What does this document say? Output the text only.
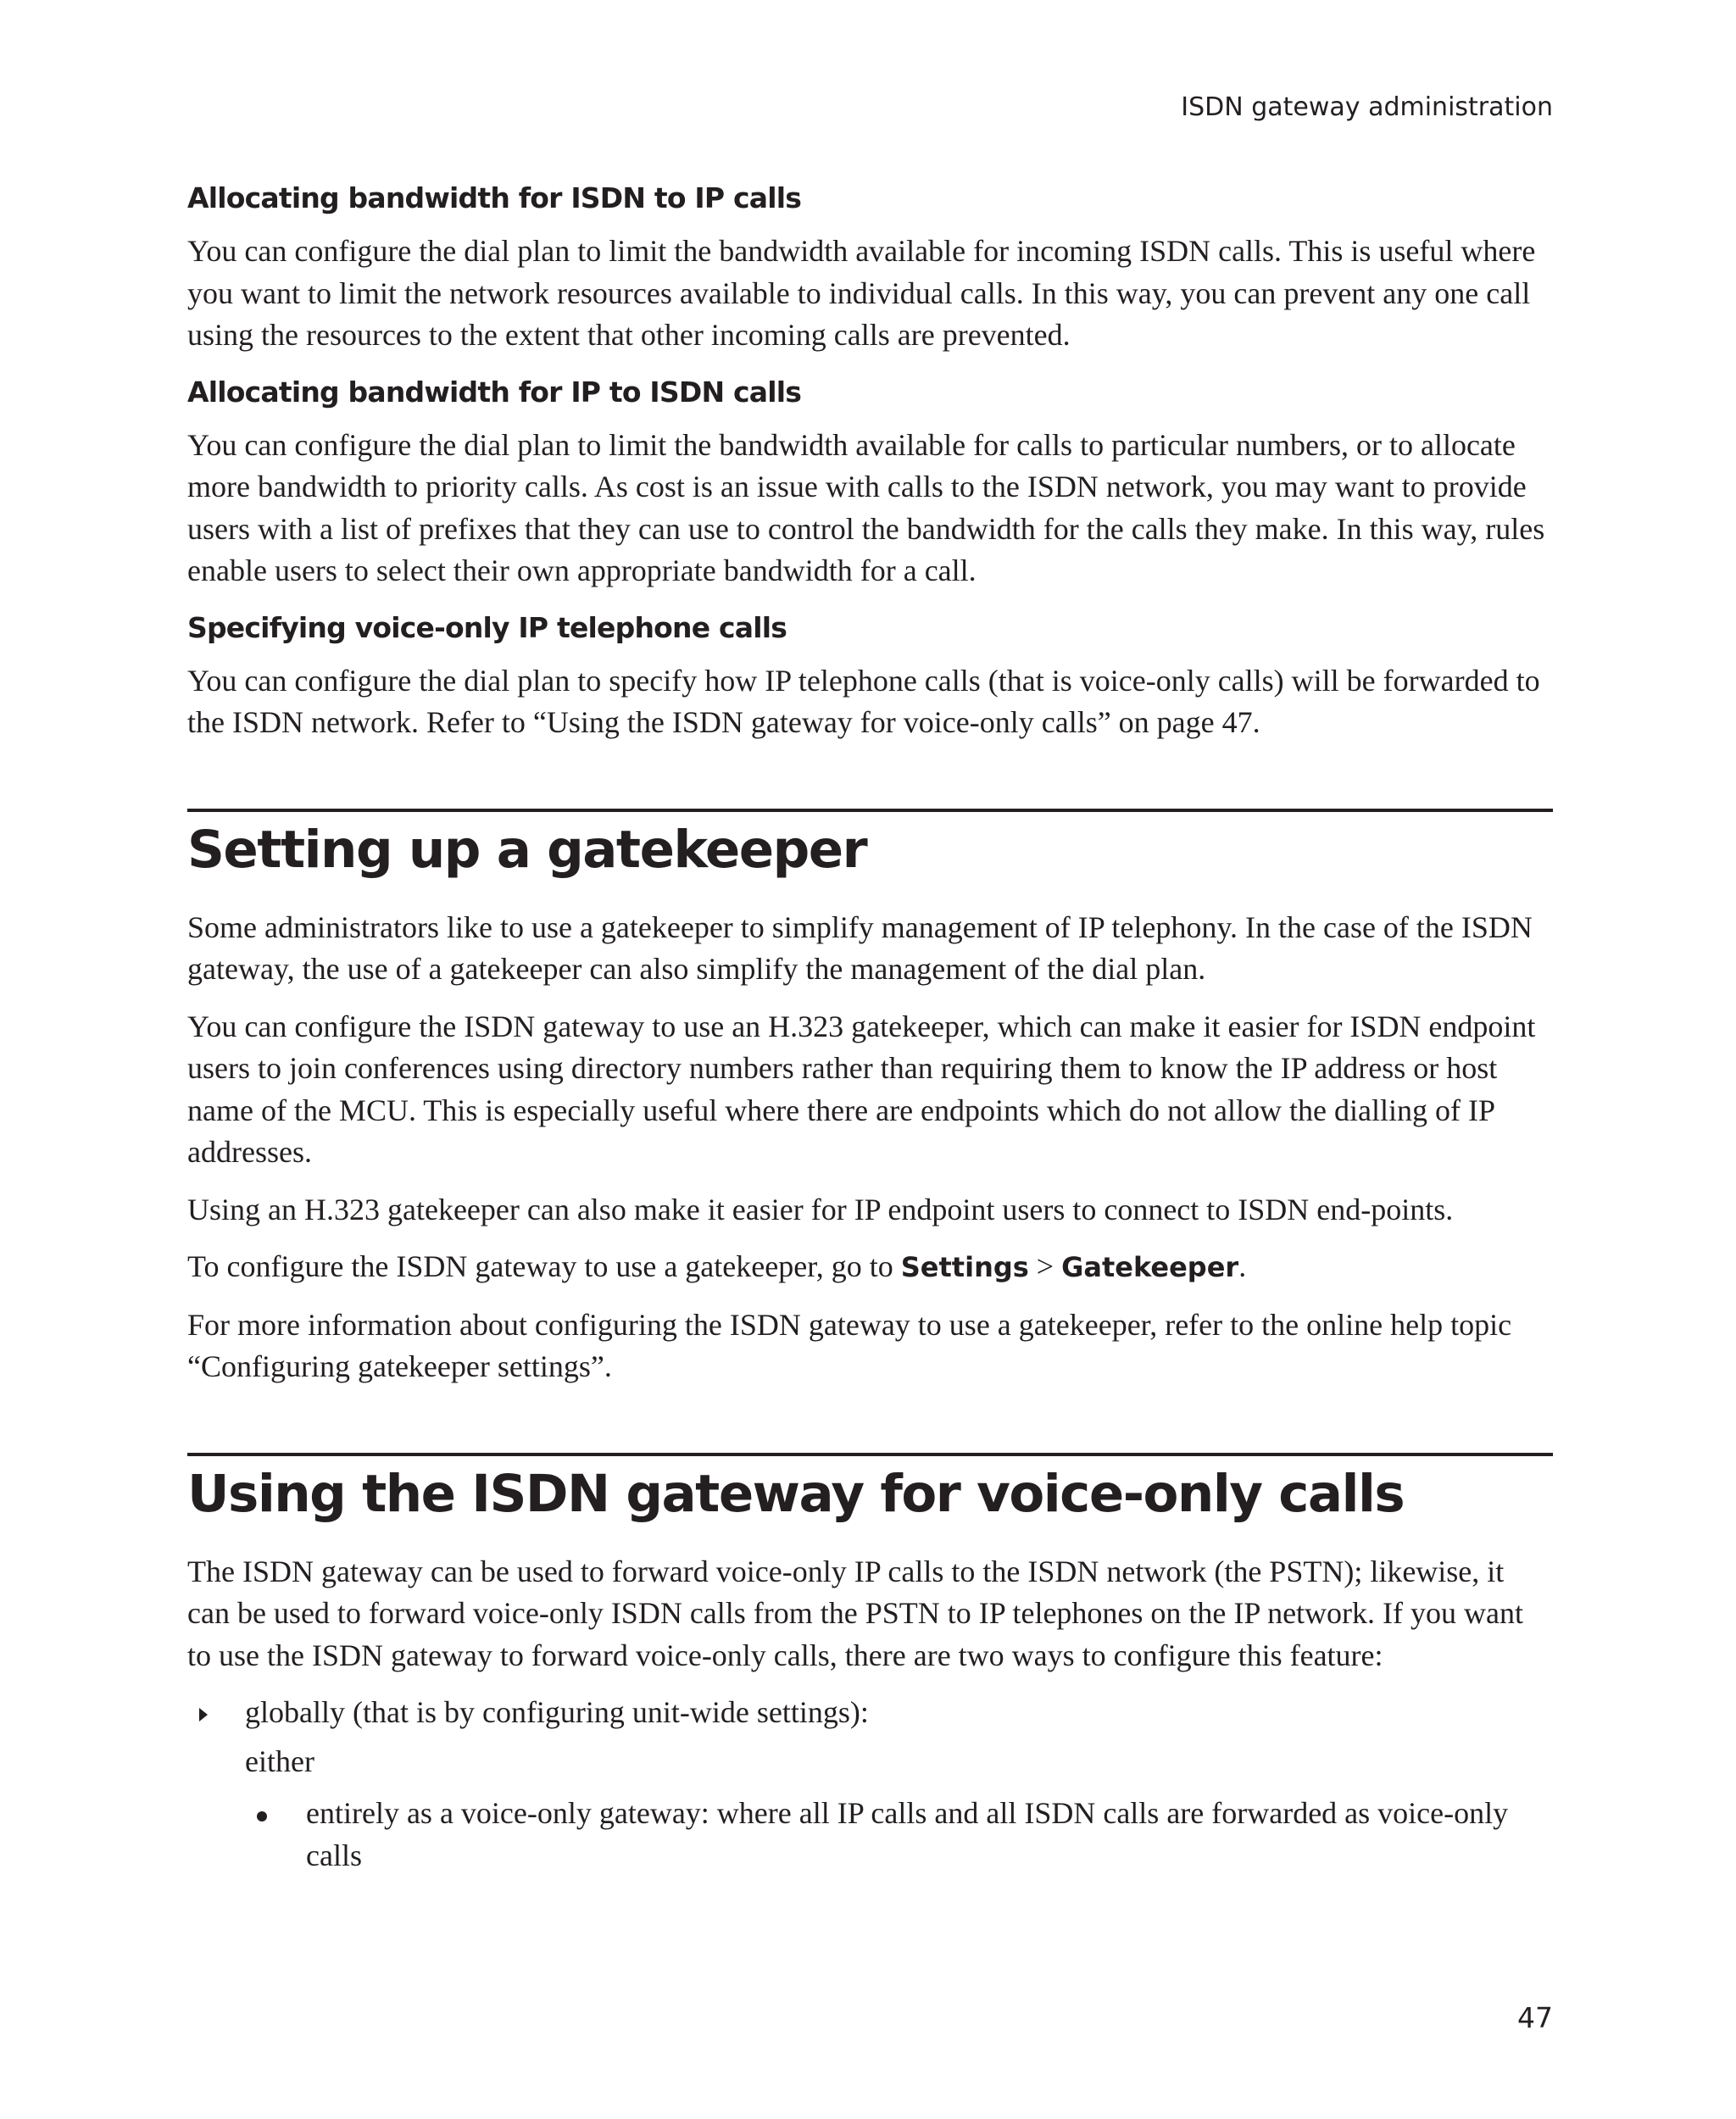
ISDN gateway administration

Allocating bandwidth for ISDN to IP calls

You can configure the dial plan to limit the bandwidth available for incoming ISDN calls. This is useful where you want to limit the network resources available to individual calls. In this way, you can prevent any one call using the resources to the extent that other incoming calls are prevented.

Allocating bandwidth for IP to ISDN calls

You can configure the dial plan to limit the bandwidth available for calls to particular numbers, or to allocate more bandwidth to priority calls. As cost is an issue with calls to the ISDN network, you may want to provide users with a list of prefixes that they can use to control the bandwidth for the calls they make. In this way, rules enable users to select their own appropriate bandwidth for a call.

Specifying voice-only IP telephone calls

You can configure the dial plan to specify how IP telephone calls (that is voice-only calls) will be forwarded to the ISDN network. Refer to “Using the ISDN gateway for voice-only calls” on page 47.

Setting up a gatekeeper

Some administrators like to use a gatekeeper to simplify management of IP telephony. In the case of the ISDN gateway, the use of a gatekeeper can also simplify the management of the dial plan.

You can configure the ISDN gateway to use an H.323 gatekeeper, which can make it easier for ISDN endpoint users to join conferences using directory numbers rather than requiring them to know the IP address or host name of the MCU. This is especially useful where there are endpoints which do not allow the dialling of IP addresses.

Using an H.323 gatekeeper can also make it easier for IP endpoint users to connect to ISDN end-points.

To configure the ISDN gateway to use a gatekeeper, go to Settings > Gatekeeper.

For more information about configuring the ISDN gateway to use a gatekeeper, refer to the online help topic “Configuring gatekeeper settings”.

Using the ISDN gateway for voice-only calls

The ISDN gateway can be used to forward voice-only IP calls to the ISDN network (the PSTN); likewise, it can be used to forward voice-only ISDN calls from the PSTN to IP telephones on the IP network. If you want to use the ISDN gateway to forward voice-only calls, there are two ways to configure this feature:

globally (that is by configuring unit-wide settings):

either

entirely as a voice-only gateway: where all IP calls and all ISDN calls are forwarded as voice-only calls

47
